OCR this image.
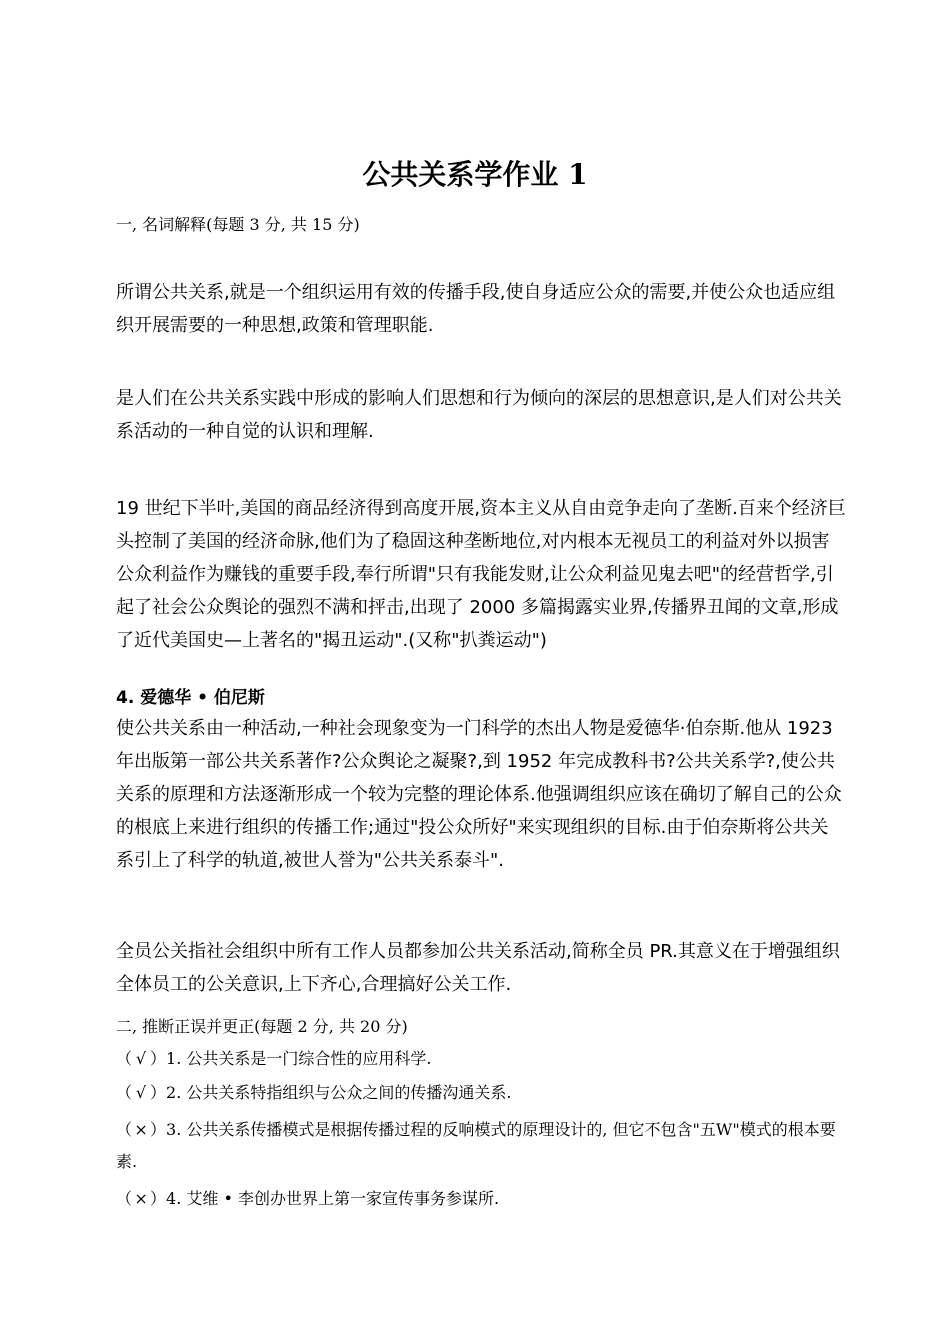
公共关系学作业 1
一, 名词解释(每题 3 分, 共 15 分)

所谓公共关系,就是一个组织运用有效的传播手段,使自身适应公众的需要,并使公众也适应组织开展需要的一种思想,政策和管理职能.

是人们在公共关系实践中形成的影响人们思想和行为倾向的深层的思想意识,是人们对公共关系活动的一种自觉的认识和理解.

19 世纪下半叶,美国的商品经济得到高度开展,资本主义从自由竞争走向了垄断.百来个经济巨头控制了美国的经济命脉,他们为了稳固这种垄断地位,对内根本无视员工的利益对外以损害公众利益作为赚钱的重要手段,奉行所谓"只有我能发财,让公众利益见鬼去吧"的经营哲学,引起了社会公众舆论的强烈不满和抨击,出现了 2000 多篇揭露实业界,传播界丑闻的文章,形成了近代美国史—上著名的"揭丑运动".(又称"扒粪运动")

4. 爱德华 • 伯尼斯

使公共关系由一种活动,一种社会现象变为一门科学的杰出人物是爱德华·伯奈斯.他从 1923 年出版第一部公共关系著作?公众舆论之凝聚?,到 1952 年完成教科书?公共关系学?,使公共关系的原理和方法逐渐形成一个较为完整的理论体系.他强调组织应该在确切了解自己的公众的根底上来进行组织的传播工作;通过"投公众所好"来实现组织的目标.由于伯奈斯将公共关系引上了科学的轨道,被世人誉为"公共关系泰斗".

全员公关指社会组织中所有工作人员都参加公共关系活动,简称全员 PR.其意义在于增强组织全体员工的公关意识,上下齐心,合理搞好公关工作.

二, 推断正误并更正(每题 2 分, 共 20 分)
（ √ ）1. 公共关系是一门综合性的应用科学.
（ √ ）2. 公共关系特指组织与公众之间的传播沟通关系.
（ × ）3. 公共关系传播模式是根据传播过程的反响模式的原理设计的, 但它不包含"五W"模式的根本要素.
（ × ）4. 艾维 • 李创办世界上第一家宣传事务参谋所.
